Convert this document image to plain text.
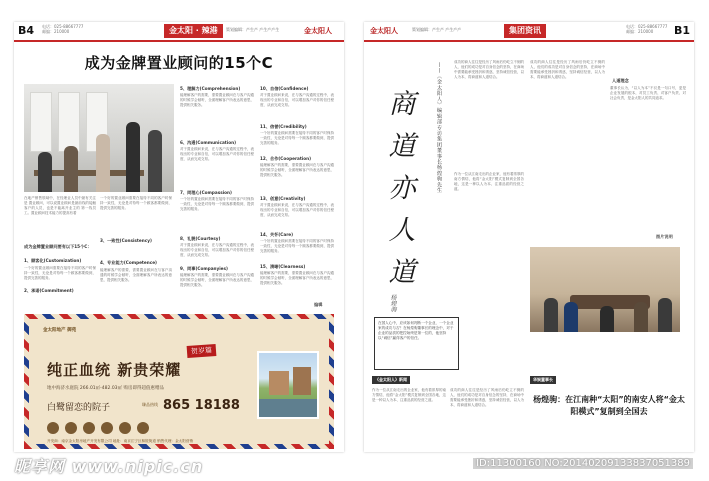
B4 电话：025-88667777
邮编：210000	金太阳 · 辣港	策划编辑：产生产 产生产产生	金太阳人
成为金牌置业顾问的15个C
在地产销售领域中，在经理业人员中最有关注是 置业顾问，可以说置业顾问是最前线的接触客户的人员，也是不能离开业主的 第一线员工。置业顾问技术能力的提高有着
成为金牌置业顾问要有以下15个C：
1、顾客化(Customization)
一个好的置业顾问需要在接待不同的客户时保持一致性，无论是对待每一个顾客都要做到，提供完善的服务。
2、承诺(Commitment)
一个好的置业顾问需要在接待不同的客户时保持一致性，无论是对待每一个顾客都要做到，提供完善的服务。
3、一致性(Consistency)
4、专业能力(Competence)
能理解客户的需要，需要置业顾问在与客户沟通的时候学会倾听，全面理解客户所表达的意思，提供相关服务。
5、理解力(Comprehension)
能理解客户的需要，需要置业顾问在与客户沟通的时候学会倾听，全面理解客户所表达的意思，提供相关服务。
6、沟通(Communication)
对于置业顾问来说，在与客户沟通的过程中，表现出的专业和自信，可以增加客户对你的信任程度，从而完成交易。
7、同理心(Compassion)
一个好的置业顾问需要在接待不同的客户时保持一致性，无论是对待每一个顾客都要做到，提供完善的服务。
8、礼貌(Courtesy)
对于置业顾问来说，在与客户沟通的过程中，表现出的专业和自信，可以增加客户对你的信任程度，从而完成交易。
9、同事(Companyies)
能理解客户的需要，需要置业顾问在与客户沟通的时候学会倾听，全面理解客户所表达的意思，提供相关服务。
10、自信(Confidence)
对于置业顾问来说，在与客户沟通的过程中，表现出的专业和自信，可以增加客户对你的信任程度，从而完成交易。
11、信誉(Credibility)
一个好的置业顾问需要在接待不同的客户时保持一致性，无论是对待每一个顾客都要做到，提供完善的服务。
12、合作(Cooperation)
能理解客户的需要，需要置业顾问在与客户沟通的时候学会倾听，全面理解客户所表达的意思，提供相关服务。
13、创意(Creativity)
对于置业顾问来说，在与客户沟通的过程中，表现出的专业和自信，可以增加客户对你的信任程度，从而完成交易。
14、关怀(Care)
一个好的置业顾问需要在接待不同的客户时保持一致性，无论是对待每一个顾客都要做到，提供完善的服务。
15、清晰(Clearness)
能理解客户的需要，需要置业顾问在与客户沟通的时候学会倾听，全面理解客户所表达的意思，提供相关服务。
编辑
金太阳地产 御苑
贺岁篇
纯正血统 新贵荣耀
地中海济水庭院 266.01㎡-482.03㎡ 购房即得超值惠赠品
白鹭留恋的院子	臻品热线 865 18188
开发商：南京金太阳房地产开发有限公司 地址：南京江宁区秣陵街道 销售代理：金太阳营销
金太阳人	策划编辑：产生产 产生产产	集团资讯	电话：025-88667777
邮编：210000	B1
商
道
亦
人
道
——《金太阳人》编辑部专访集团董事长杨煌驹先生
杨煌驹
在国人心中，应该如何判断一个企业，一个企业家的成功与否？在杨煌驹董事长的理念中，对于企业的品质的把控始终是第一位的，他坚持以“诚信”赢得客户的信任。
成功的商人往往是经历了风雨后仍屹立不倒的人，他们的成功是对自身信念的坚持，在商场中需要能承受挫折和诱惑，坚持诚信经营，以人为本，将商道和人道结合。
作为一位从江南走出的企业家，他有着浓厚的南方情结，他将“金太阳”模式复制到全国各地，这是一种以人为本、注重品质的经营之道。
成功的商人往往是经历了风雨后仍屹立不倒的人，他们的成功是对自身信念的坚持，在商场中需要能承受挫折和诱惑，坚持诚信经营，以人为本，将商道和人道结合。
人道理念
董事长认为，“以人为本”不仅是一句口号，更是企业发展的根本，对员工负责、对客户负责、对社会负责，是金太阳人的共同追求。
图片说明
《金太阳人》新闻
作为一位从江南走出的企业家，他有着浓厚的南方情结，他将“金太阳”模式复制到全国各地，这是一种以人为本、注重品质的经营之道。
成功的商人往往是经历了风雨后仍屹立不倒的人，他们的成功是对自身信念的坚持，在商场中需要能承受挫折和诱惑，坚持诚信经营，以人为本，将商道和人道结合。
华娱董事长
杨煌驹：在江南种“太阳”的南安人将“金太阳模式”复制到全国去
昵享网 www.nipic.cn	ID:11300160 NO:20140209133837051389
